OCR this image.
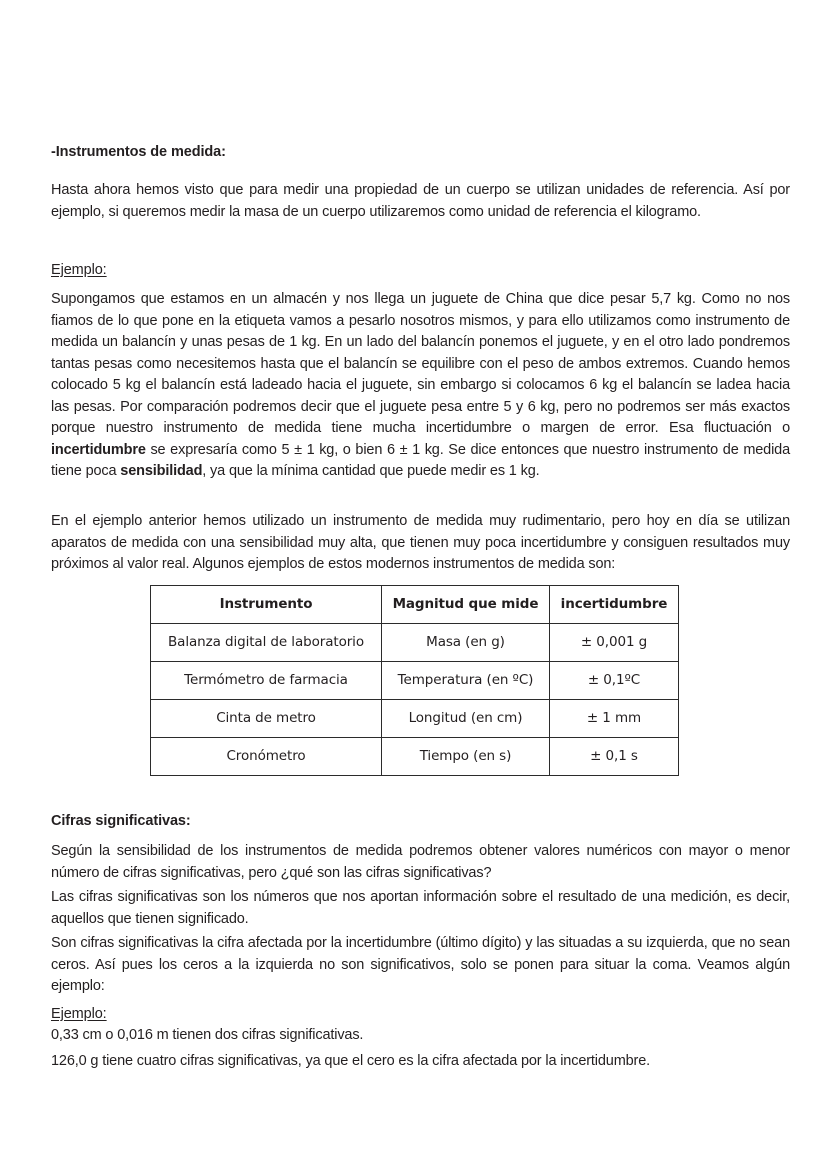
-Instrumentos de medida:

Hasta ahora hemos visto que para medir una propiedad de un cuerpo se utilizan unidades de referencia. Así por ejemplo, si queremos medir la masa de un cuerpo utilizaremos como unidad de referencia el kilogramo.

Ejemplo:

Supongamos que estamos en un almacén y nos llega un juguete de China que dice pesar 5,7 kg. Como no nos fiamos de lo que pone en la etiqueta vamos a pesarlo nosotros mismos, y para ello utilizamos como instrumento de medida un balancín y unas pesas de 1 kg. En un lado del balancín ponemos el juguete, y en el otro lado pondremos tantas pesas como necesitemos hasta que el balancín se equilibre con el peso de ambos extremos. Cuando hemos colocado 5 kg el balancín está ladeado hacia el juguete, sin embargo si colocamos 6 kg el balancín se ladea hacia las pesas. Por comparación podremos decir que el juguete pesa entre 5 y 6 kg, pero no podremos ser más exactos porque nuestro instrumento de medida tiene mucha incertidumbre o margen de error. Esa fluctuación o incertidumbre se expresaría como 5 ± 1 kg, o bien 6 ± 1 kg. Se dice entonces que nuestro instrumento de medida tiene poca sensibilidad, ya que la mínima cantidad que puede medir es 1 kg.

En el ejemplo anterior hemos utilizado un instrumento de medida muy rudimentario, pero hoy en día se utilizan aparatos de medida con una sensibilidad muy alta, que tienen muy poca incertidumbre y consiguen resultados muy próximos al valor real. Algunos ejemplos de estos modernos instrumentos de medida son:

Instrumento	Magnitud que mide	incertidumbre
Balanza digital de laboratorio	Masa (en g)	± 0,001 g
Termómetro de farmacia	Temperatura (en ºC)	± 0,1ºC
Cinta de metro	Longitud (en cm)	± 1 mm
Cronómetro	Tiempo (en s)	± 0,1 s

Cifras significativas:

Según la sensibilidad de los instrumentos de medida podremos obtener valores numéricos con mayor o menor número de cifras significativas, pero ¿qué son las cifras significativas?

Las cifras significativas son los números que nos aportan información sobre el resultado de una medición, es decir, aquellos que tienen significado.

Son cifras significativas la cifra afectada por la incertidumbre (último dígito) y las situadas a su izquierda, que no sean ceros. Así pues los ceros a la izquierda no son significativos, solo se ponen para situar la coma. Veamos algún ejemplo:

Ejemplo:

0,33 cm o 0,016 m tienen dos cifras significativas.

126,0 g tiene cuatro cifras significativas, ya que el cero es la cifra afectada por la incertidumbre.
